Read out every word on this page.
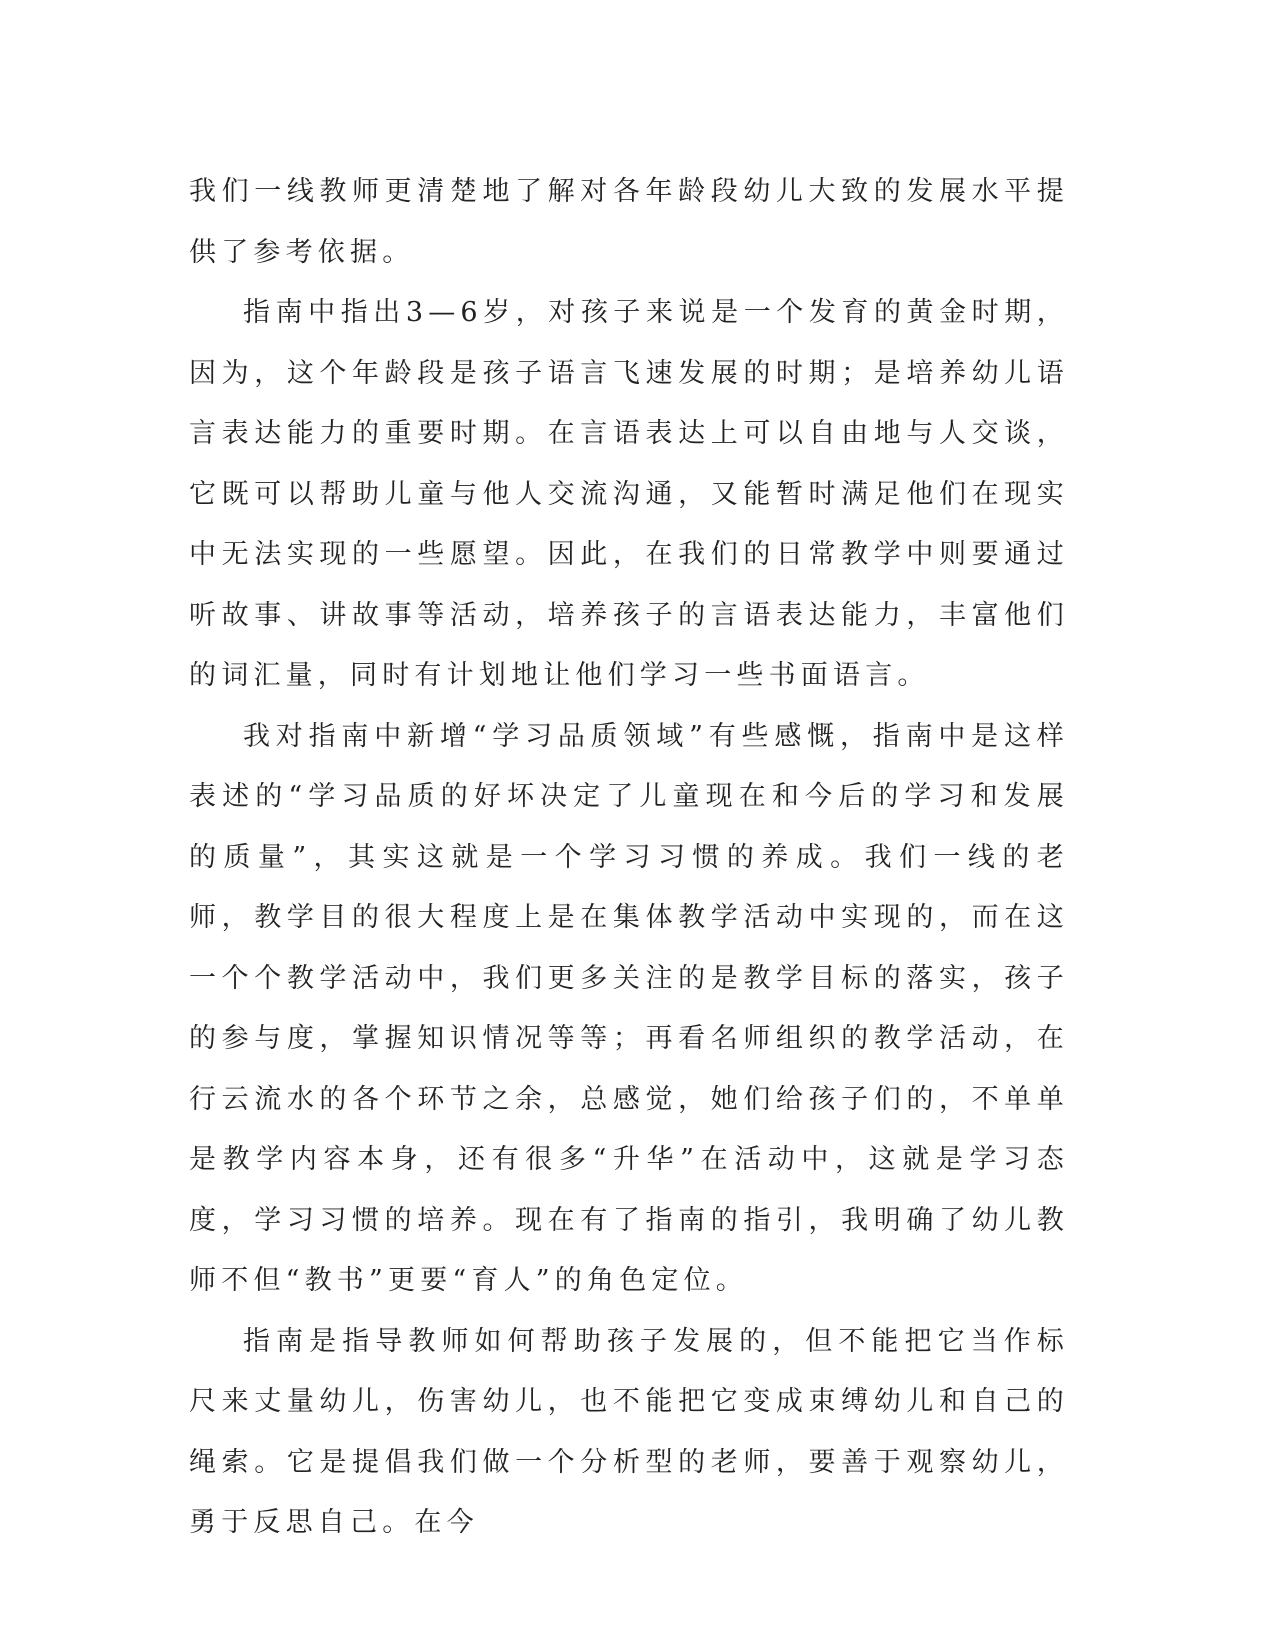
我们一线教师更清楚地了解对各年龄段幼儿大致的发展水平提供了参考依据。

指南中指出3—6岁，对孩子来说是一个发育的黄金时期，因为，这个年龄段是孩子语言飞速发展的时期；是培养幼儿语言表达能力的重要时期。在言语表达上可以自由地与人交谈，它既可以帮助儿童与他人交流沟通，又能暂时满足他们在现实中无法实现的一些愿望。因此，在我们的日常教学中则要通过听故事、讲故事等活动，培养孩子的言语表达能力，丰富他们的词汇量，同时有计划地让他们学习一些书面语言。

我对指南中新增“学习品质领域”有些感慨，指南中是这样表述的“学习品质的好坏决定了儿童现在和今后的学习和发展的质量”，其实这就是一个学习习惯的养成。我们一线的老师，教学目的很大程度上是在集体教学活动中实现的，而在这一个个教学活动中，我们更多关注的是教学目标的落实，孩子的参与度，掌握知识情况等等；再看名师组织的教学活动，在行云流水的各个环节之余，总感觉，她们给孩子们的，不单单是教学内容本身，还有很多“升华”在活动中，这就是学习态度，学习习惯的培养。现在有了指南的指引，我明确了幼儿教师不但“教书”更要“育人”的角色定位。

指南是指导教师如何帮助孩子发展的，但不能把它当作标尺来丈量幼儿，伤害幼儿，也不能把它变成束缚幼儿和自己的绳索。它是提倡我们做一个分析型的老师，要善于观察幼儿，勇于反思自己。在今
